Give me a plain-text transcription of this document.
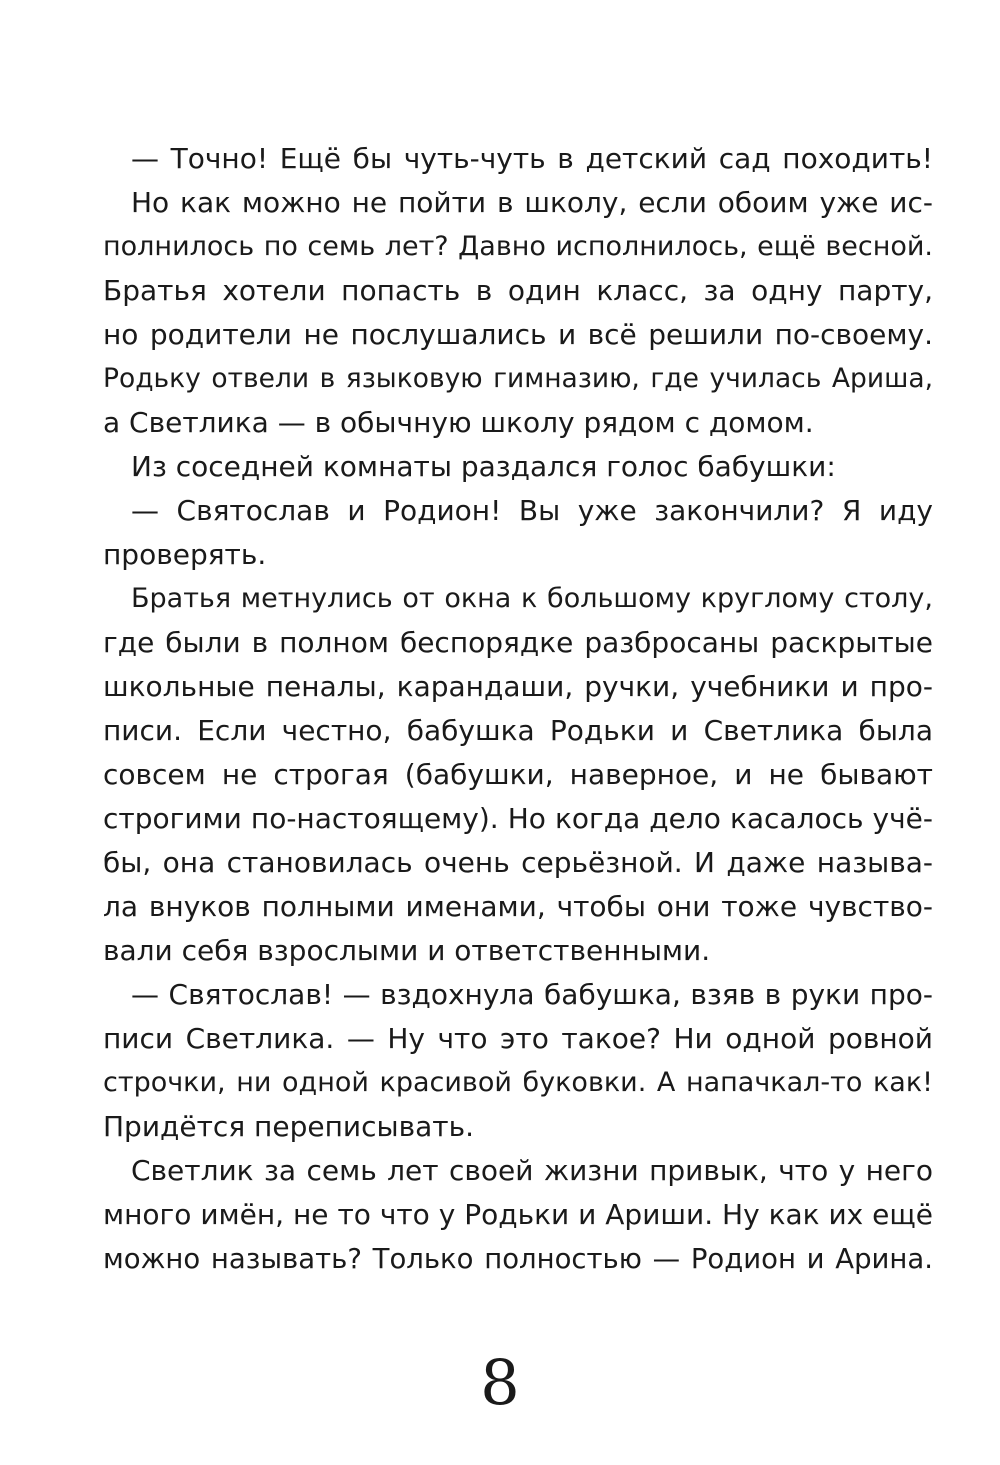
— Точно! Ещё бы чуть-чуть в детский сад походить!
Но как можно не пойти в школу, если обоим уже ис-
полнилось по семь лет? Давно исполнилось, ещё весной.
Братья хотели попасть в один класс, за одну парту,
но родители не послушались и всё решили по-своему.
Родьку отвели в языковую гимназию, где училась Ариша,
а Светлика — в обычную школу рядом с домом.
Из соседней комнаты раздался голос бабушки:
— Святослав и Родион! Вы уже закончили? Я иду
проверять.
Братья метнулись от окна к большому круглому столу,
где были в полном беспорядке разбросаны раскрытые
школьные пеналы, карандаши, ручки, учебники и про-
писи. Если честно, бабушка Родьки и Светлика была
совсем не строгая (бабушки, наверное, и не бывают
строгими по-настоящему). Но когда дело касалось учё-
бы, она становилась очень серьёзной. И даже называ-
ла внуков полными именами, чтобы они тоже чувство-
вали себя взрослыми и ответственными.
— Святослав! — вздохнула бабушка, взяв в руки про-
писи Светлика. — Ну что это такое? Ни одной ровной
строчки, ни одной красивой буковки. А напачкал-то как!
Придётся переписывать.
Светлик за семь лет своей жизни привык, что у него
много имён, не то что у Родьки и Ариши. Ну как их ещё
можно называть? Только полностью — Родион и Арина.
8
